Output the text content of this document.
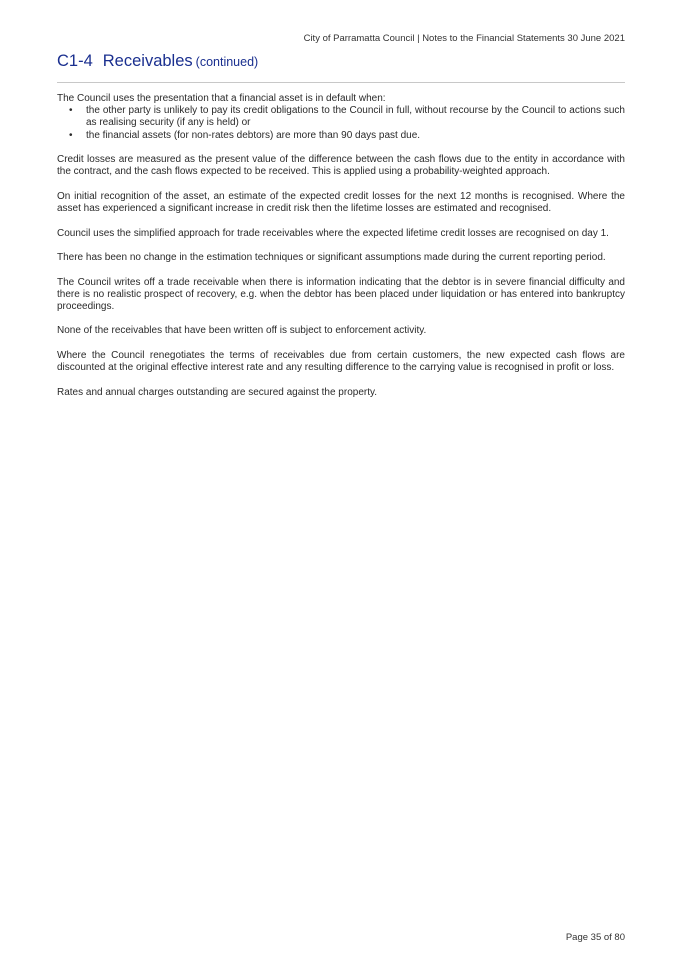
City of Parramatta Council | Notes to the Financial Statements 30 June 2021
C1-4 Receivables (continued)

The Council uses the presentation that a financial asset is in default when:

• the other party is unlikely to pay its credit obligations to the Council in full, without recourse by the Council to actions such as realising security (if any is held) or
• the financial assets (for non-rates debtors) are more than 90 days past due.

Credit losses are measured as the present value of the difference between the cash flows due to the entity in accordance with the contract, and the cash flows expected to be received. This is applied using a probability-weighted approach.

On initial recognition of the asset, an estimate of the expected credit losses for the next 12 months is recognised. Where the asset has experienced a significant increase in credit risk then the lifetime losses are estimated and recognised.

Council uses the simplified approach for trade receivables where the expected lifetime credit losses are recognised on day 1.

There has been no change in the estimation techniques or significant assumptions made during the current reporting period.

The Council writes off a trade receivable when there is information indicating that the debtor is in severe financial difficulty and there is no realistic prospect of recovery, e.g. when the debtor has been placed under liquidation or has entered into bankruptcy proceedings.

None of the receivables that have been written off is subject to enforcement activity.

Where the Council renegotiates the terms of receivables due from certain customers, the new expected cash flows are discounted at the original effective interest rate and any resulting difference to the carrying value is recognised in profit or loss.

Rates and annual charges outstanding are secured against the property.

Page 35 of 80
